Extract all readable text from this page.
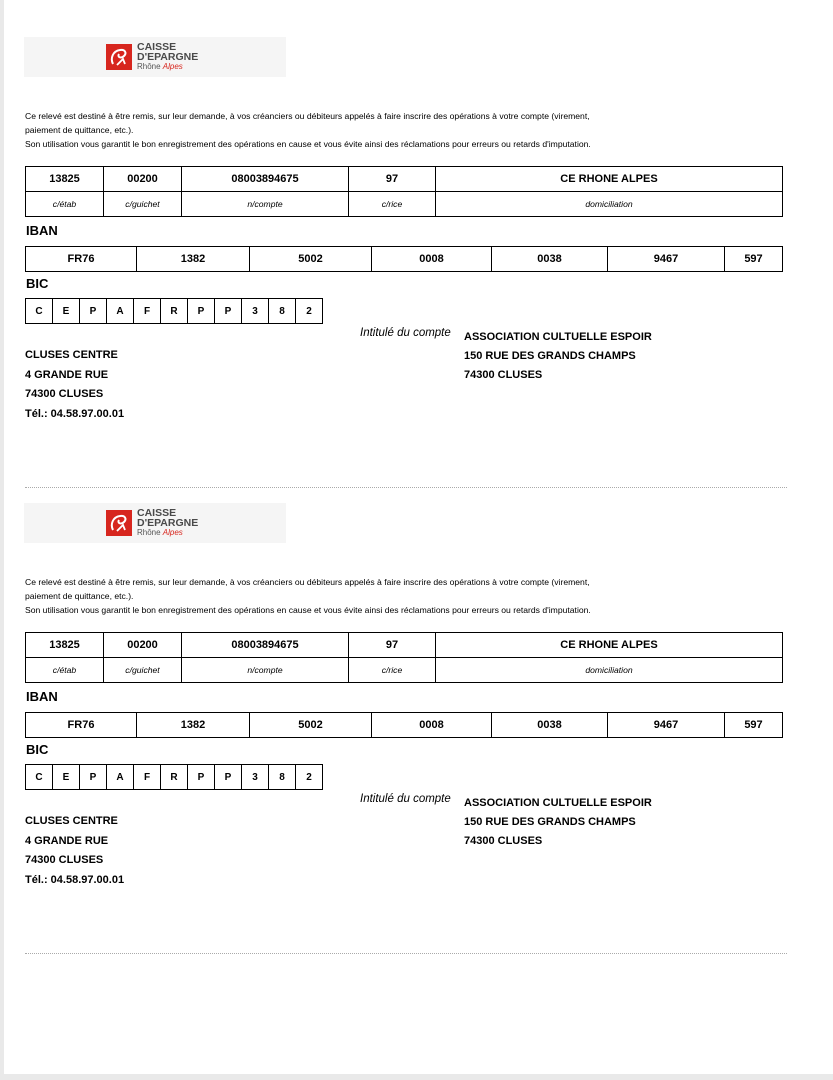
CAISSE
D'EPARGNE
Rhône Alpes
Ce relevé est destiné à être remis, sur leur demande, à vos créanciers ou débiteurs appelés à faire inscrire des opérations à votre compte (virement,
paiement de quittance, etc.).
Son utilisation vous garantit le bon enregistrement des opérations en cause et vous évite ainsi des réclamations pour erreurs ou retards d'imputation.
13825	00200	08003894675	97	CE RHONE ALPES
c/étab	c/guichet	n/compte	c/rice	domiciliation
IBAN
FR76	1382	5002	0008	0038	9467	597
BIC
C	E	P	A	F	R	P	P	3	8	2
Intitulé du compte ASSOCIATION CULTUELLE ESPOIR
150 RUE DES GRANDS CHAMPS
74300 CLUSES
CLUSES CENTRE
4 GRANDE RUE
74300 CLUSES
Tél.: 04.58.97.00.01
CAISSE
D'EPARGNE
Rhône Alpes
Ce relevé est destiné à être remis, sur leur demande, à vos créanciers ou débiteurs appelés à faire inscrire des opérations à votre compte (virement,
paiement de quittance, etc.).
Son utilisation vous garantit le bon enregistrement des opérations en cause et vous évite ainsi des réclamations pour erreurs ou retards d'imputation.
13825	00200	08003894675	97	CE RHONE ALPES
c/étab	c/guichet	n/compte	c/rice	domiciliation
IBAN
FR76	1382	5002	0008	0038	9467	597
BIC
C	E	P	A	F	R	P	P	3	8	2
Intitulé du compte ASSOCIATION CULTUELLE ESPOIR
150 RUE DES GRANDS CHAMPS
74300 CLUSES
CLUSES CENTRE
4 GRANDE RUE
74300 CLUSES
Tél.: 04.58.97.00.01
